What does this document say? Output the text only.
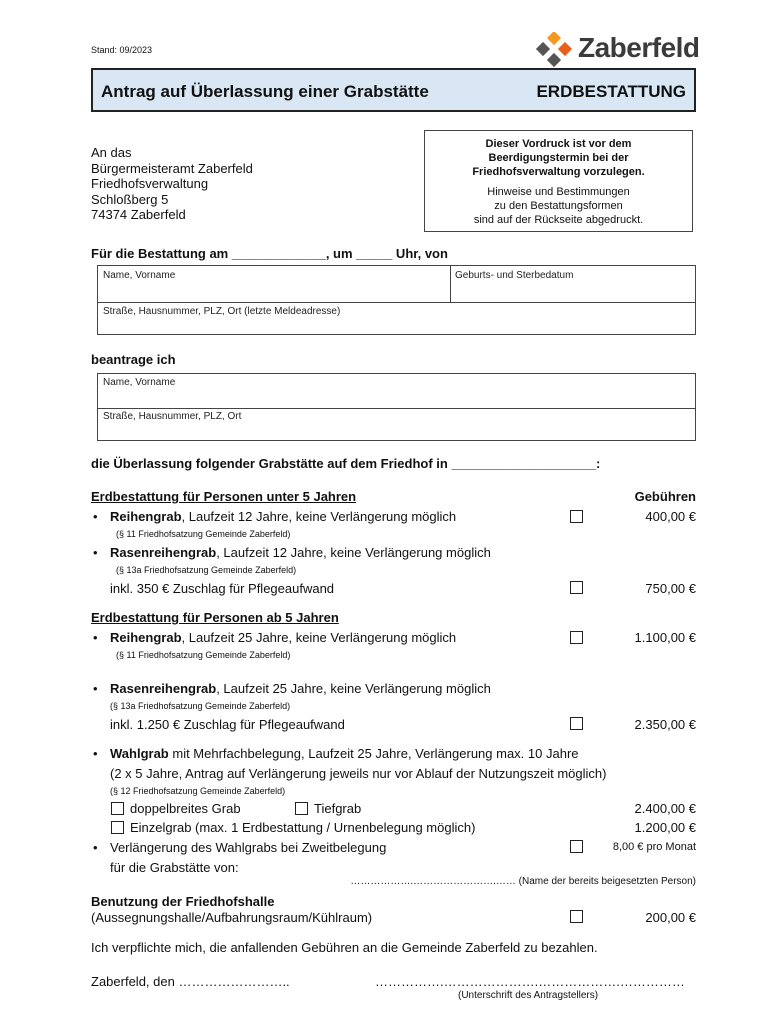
Stand: 09/2023	Zaberfeld
Antrag auf Überlassung einer Grabstätte	ERDBESTATTUNG
An das
Bürgermeisteramt Zaberfeld
Friedhofsverwaltung
Schloßberg 5
74374 Zaberfeld
Dieser Vordruck ist vor dem
Beerdigungstermin bei der
Friedhofsverwaltung vorzulegen.
Hinweise und Bestimmungen
zu den Bestattungsformen
sind auf der Rückseite abgedruckt.
Für die Bestattung am _____________, um _____ Uhr, von
Name, Vorname	Geburts- und Sterbedatum
Straße, Hausnummer, PLZ, Ort (letzte Meldeadresse)
beantrage ich
Name, Vorname
Straße, Hausnummer, PLZ, Ort
die Überlassung folgender Grabstätte auf dem Friedhof in ____________________:
Erdbestattung für Personen unter 5 Jahren	Gebühren
• Reihengrab, Laufzeit 12 Jahre, keine Verlängerung möglich	400,00 €
(§ 11 Friedhofsatzung Gemeinde Zaberfeld)
• Rasenreihengrab, Laufzeit 12 Jahre, keine Verlängerung möglich
(§ 13a Friedhofsatzung Gemeinde Zaberfeld)
inkl. 350 € Zuschlag für Pflegeaufwand	750,00 €
Erdbestattung für Personen ab 5 Jahren
• Reihengrab, Laufzeit 25 Jahre, keine Verlängerung möglich	1.100,00 €
(§ 11 Friedhofsatzung Gemeinde Zaberfeld)
• Rasenreihengrab, Laufzeit 25 Jahre, keine Verlängerung möglich
(§ 13a Friedhofsatzung Gemeinde Zaberfeld)
inkl. 1.250 € Zuschlag für Pflegeaufwand	2.350,00 €
• Wahlgrab mit Mehrfachbelegung, Laufzeit 25 Jahre, Verlängerung max. 10 Jahre
(2 x 5 Jahre, Antrag auf Verlängerung jeweils nur vor Ablauf der Nutzungszeit möglich)
(§ 12 Friedhofsatzung Gemeinde Zaberfeld)
doppelbreites Grab	Tiefgrab	2.400,00 €
Einzelgrab (max. 1 Erdbestattung / Urnenbelegung möglich)	1.200,00 €
• Verlängerung des Wahlgrabs bei Zweitbelegung	8,00 € pro Monat
für die Grabstätte von:
……………….…………………….…… (Name der bereits beigesetzten Person)
Benutzung der Friedhofshalle
(Aussegnungshalle/Aufbahrungsraum/Kühlraum)	200,00 €
Ich verpflichte mich, die anfallenden Gebühren an die Gemeinde Zaberfeld zu bezahlen.
Zaberfeld, den ……………………..	…………….………………….……………….……………
(Unterschrift des Antragstellers)
